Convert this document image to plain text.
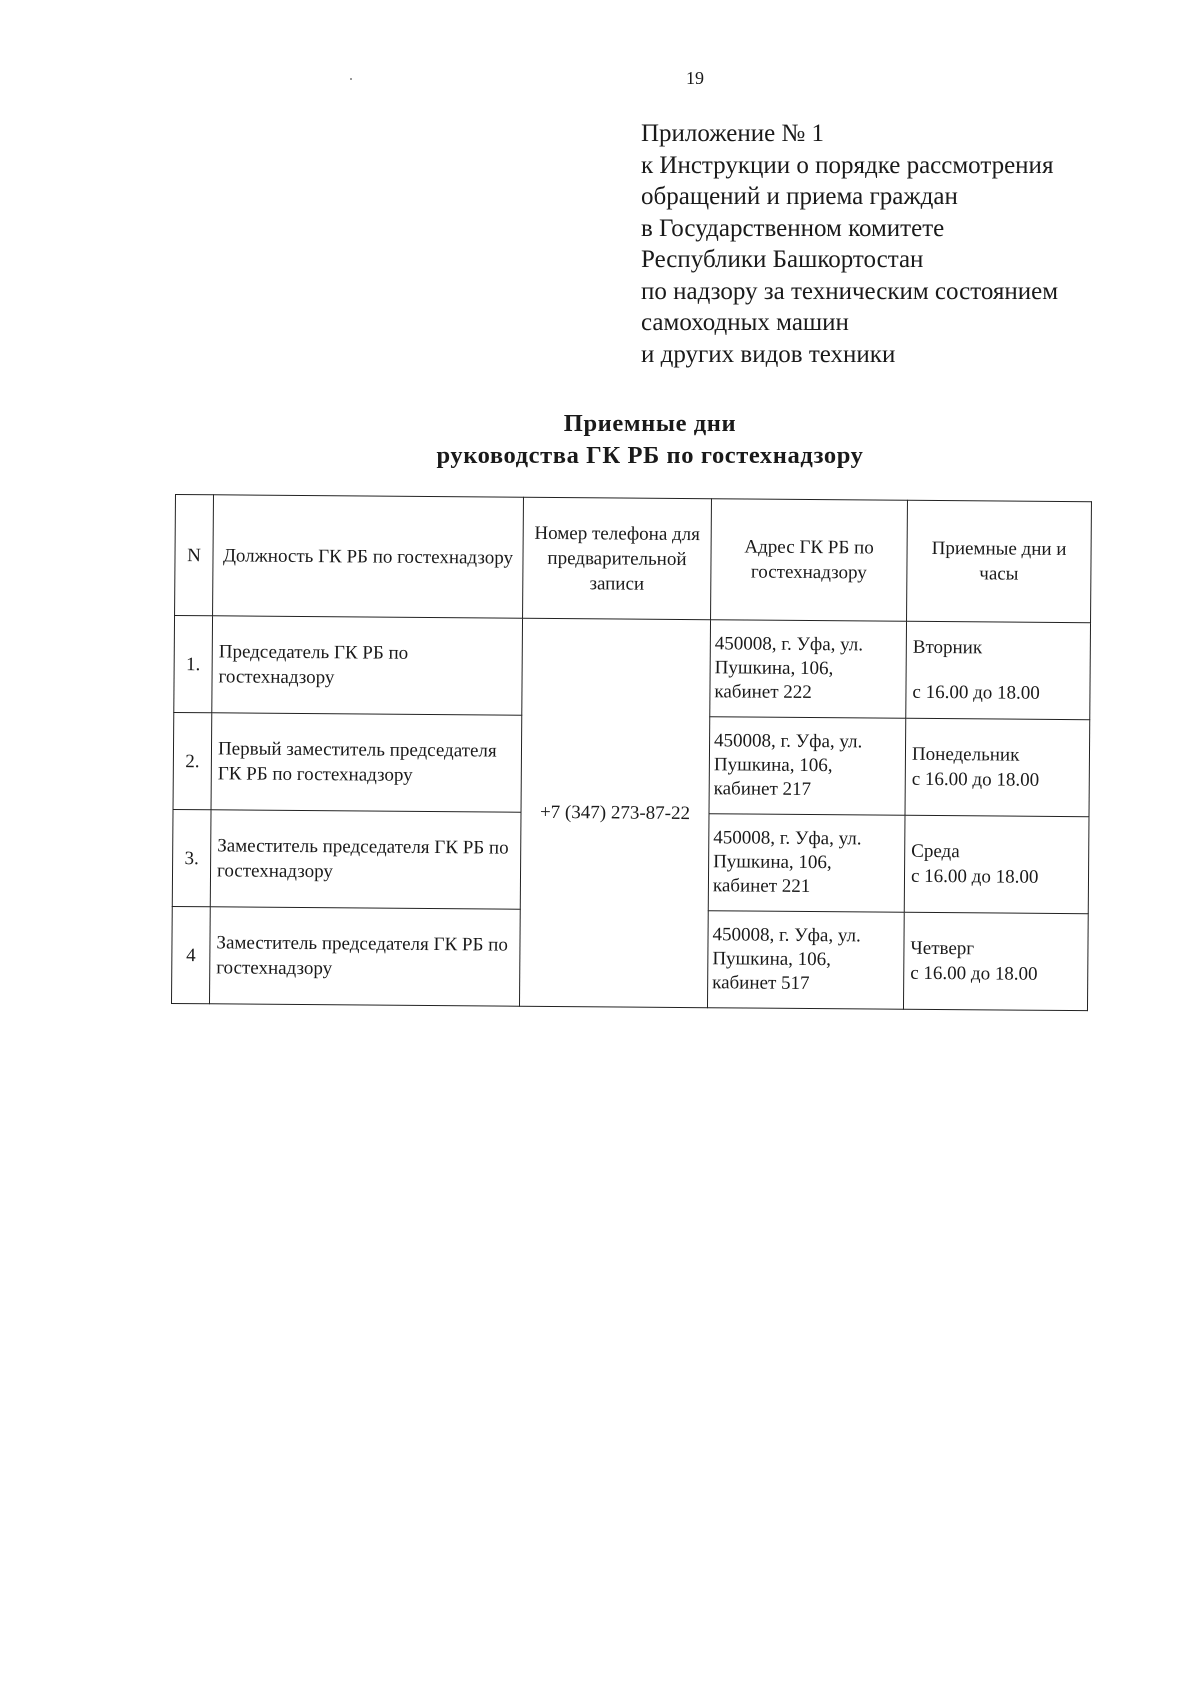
19
Приложение № 1
к Инструкции о порядке рассмотрения
обращений и приема граждан
в Государственном комитете
Республики Башкортостан
по надзору за техническим состоянием
самоходных машин
и других видов техники
Приемные дни
руководства ГК РБ по гостехнадзору
N	Должность ГК РБ по гостехнадзору	Номер телефона для предварительной записи	Адрес ГК РБ по гостехнадзору	Приемные дни и часы
1.	Председатель ГК РБ по гостехнадзору	+7 (347) 273-87-22	450008, г. Уфа, ул. Пушкина, 106, кабинет 222	Вторник
с 16.00 до 18.00

2.	Первый заместитель председателя ГК РБ по гостехнадзору		450008, г. Уфа, ул. Пушкина, 106, кабинет 217	Понедельник
с 16.00 до 18.00

3.	Заместитель председателя ГК РБ по гостехнадзору		450008, г. Уфа, ул. Пушкина, 106, кабинет 221	Среда
с 16.00 до 18.00

4	Заместитель председателя ГК РБ по гостехнадзору		450008, г. Уфа, ул. Пушкина, 106, кабинет 517	Четверг
с 16.00 до 18.00
